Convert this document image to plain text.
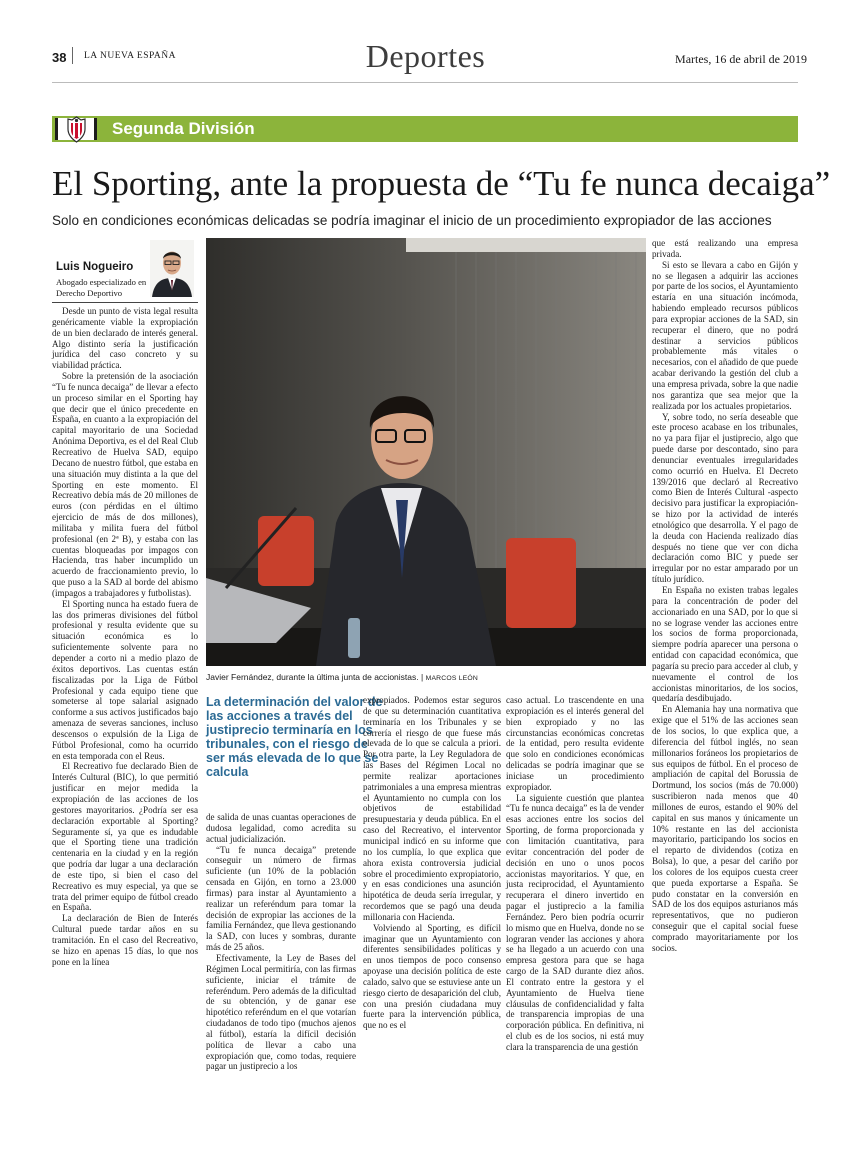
38 LA NUEVA ESPAÑA	Deportes	Martes, 16 de abril de 2019
Segunda División
El Sporting, ante la propuesta de “Tu fe nunca decaiga”
Solo en condiciones económicas delicadas se podría imaginar el inicio de un procedimiento expropiador de las acciones
Luis Nogueiro
Abogado especializado en Derecho Deportivo

Desde un punto de vista legal resulta genéricamente viable la expropiación de un bien declarado de interés general. Algo distinto sería la justificación jurídica del caso concreto y su viabilidad práctica.

Sobre la pretensión de la asociación “Tu fe nunca decaiga” de llevar a efecto un proceso similar en el Sporting hay que decir que el único precedente en España, en cuanto a la expropiación del capital mayoritario de una Sociedad Anónima Deportiva, es el del Real Club Recreativo de Huelva SAD, equipo Decano de nuestro fútbol, que estaba en una situación muy distinta a la que del Sporting en este momento. El Recreativo debía más de 20 millones de euros (con pérdidas en el último ejercicio de más de dos millones), militaba y milita fuera del fútbol profesional (en 2ª B), y estaba con las cuentas bloqueadas por impagos con Hacienda, tras haber incumplido un acuerdo de fraccionamiento previo, lo que puso a la SAD al borde del abismo (impagos a trabajadores y futbolistas).

El Sporting nunca ha estado fuera de las dos primeras divisiones del fútbol profesional y resulta evidente que su situación económica es lo suficientemente solvente para no depender a corto ni a medio plazo de éxitos deportivos. Las cuentas están fiscalizadas por la Liga de Fútbol Profesional y cada equipo tiene que someterse al tope salarial asignado conforme a sus activos justificados bajo amenaza de severas sanciones, incluso descensos o expulsión de la Liga de Fútbol Profesional, como ha ocurrido en esta temporada con el Reus.

El Recreativo fue declarado Bien de Interés Cultural (BIC), lo que permitió justificar en mejor medida la expropiación de las acciones de los gestores mayoritarios. ¿Podría ser esa declaración exportable al Sporting? Seguramente sí, ya que es indudable que el Sporting tiene una tradición centenaria en la ciudad y en la región que podría dar lugar a una declaración de este tipo, si bien el caso del Recreativo es muy especial, ya que se trata del primer equipo de fútbol creado en España.

La declaración de Bien de Interés Cultural puede tardar años en su tramitación. En el caso del Recreativo, se hizo en apenas 15 días, lo que nos pone en la línea

Javier Fernández, durante la última junta de accionistas. | MARCOS LEÓN
La determinación del valor de las acciones a través del justiprecio terminaría en los tribunales, con el riesgo de ser más elevada de lo que se calcula

de salida de unas cuantas operaciones de dudosa legalidad, como acredita su actual judicialización.

“Tu fe nunca decaiga” pretende conseguir un número de firmas suficiente (un 10% de la población censada en Gijón, en torno a 23.000 firmas) para instar al Ayuntamiento a realizar un referéndum para tomar la decisión de expropiar las acciones de la familia Fernández, que lleva gestionando la SAD, con luces y sombras, durante más de 25 años.

Efectivamente, la Ley de Bases del Régimen Local permitiría, con las firmas suficiente, iniciar el trámite de referéndum. Pero además de la dificultad de su obtención, y de ganar ese hipotético referéndum en el que votarían ciudadanos de todo tipo (muchos ajenos al fútbol), estaría la difícil decisión política de llevar a cabo una expropiación que, como todas, requiere pagar un justiprecio a los

expropiados. Podemos estar seguros de que su determinación cuantitativa terminaría en los Tribunales y se correría el riesgo de que fuese más elevada de lo que se calcula a priori. Por otra parte, la Ley Reguladora de las Bases del Régimen Local no permite realizar aportaciones patrimoniales a una empresa mientras el Ayuntamiento no cumpla con los objetivos de estabilidad presupuestaria y deuda pública. En el caso del Recreativo, el interventor municipal indicó en su informe que no los cumplía, lo que explica que ahora exista controversia judicial sobre el procedimiento expropiatorio, y en esas condiciones una asunción hipotética de deuda sería irregular, y recordemos que se pagó una deuda millonaria con Hacienda.

Volviendo al Sporting, es difícil imaginar que un Ayuntamiento con diferentes sensibilidades políticas y en unos tiempos de poco consenso apoyase una decisión política de este calado, salvo que se estuviese ante un riesgo cierto de desaparición del club, con una presión ciudadana muy fuerte para la intervención pública, que no es el

caso actual. Lo trascendente en una expropiación es el interés general del bien expropiado y no las circunstancias económicas concretas de la entidad, pero resulta evidente que solo en condiciones económicas delicadas se podría imaginar que se iniciase un procedimiento expropiador.

La siguiente cuestión que plantea “Tu fe nunca decaiga” es la de vender esas acciones entre los socios del Sporting, de forma proporcionada y con limitación cuantitativa, para evitar concentración del poder de decisión en uno o unos pocos accionistas mayoritarios. Y que, en justa reciprocidad, el Ayuntamiento recuperara el dinero invertido en pagar el justiprecio a la familia Fernández. Pero bien podría ocurrir lo mismo que en Huelva, donde no se lograran vender las acciones y ahora se ha llegado a un acuerdo con una empresa gestora para que se haga cargo de la SAD durante diez años. El contrato entre la gestora y el Ayuntamiento de Huelva tiene cláusulas de confidencialidad y falta de transparencia impropias de una corporación pública. En definitiva, ni el club es de los socios, ni está muy clara la transparencia de una gestión

que está realizando una empresa privada.

Si esto se llevara a cabo en Gijón y no se llegasen a adquirir las acciones por parte de los socios, el Ayuntamiento estaría en una situación incómoda, habiendo empleado recursos públicos para expropiar acciones de la SAD, sin recuperar el dinero, que no podrá destinar a servicios públicos probablemente más vitales o necesarios, con el añadido de que puede acabar derivando la gestión del club a una empresa privada, sobre la que nadie nos garantiza que sea mejor que la realizada por los actuales propietarios.

Y, sobre todo, no sería deseable que este proceso acabase en los tribunales, no ya para fijar el justiprecio, algo que puede darse por descontado, sino para denunciar eventuales irregularidades como ocurrió en Huelva. El Decreto 139/2016 que declaró al Recreativo como Bien de Interés Cultural -aspecto decisivo para justificar la expropiación- se hizo por la actividad de interés etnológico que desarrolla. Y el pago de la deuda con Hacienda realizado días después no tiene que ver con dicha declaración como BIC y puede ser irregular por no estar amparado por un título jurídico.

En España no existen trabas legales para la concentración de poder del accionariado en una SAD, por lo que si no se lograse vender las acciones entre los socios de forma proporcionada, siempre podría aparecer una persona o entidad con capacidad económica, que pagaría su precio para acceder al club, y nuevamente el control de los accionistas minoritarios, de los socios, quedaría desdibujado.

En Alemania hay una normativa que exige que el 51% de las acciones sean de los socios, lo que explica que, a diferencia del fútbol inglés, no sean millonarios foráneos los propietarios de sus equipos de fútbol. En el proceso de ampliación de capital del Borussia de Dortmund, los socios (más de 70.000) suscribieron nada menos que 40 millones de euros, estando el 90% del capital en sus manos y únicamente un 10% restante en las del accionista mayoritario, participando los socios en el reparto de dividendos (cotiza en Bolsa), lo que, a pesar del cariño por los colores de los equipos cuesta creer que pueda exportarse a España. Se pudo constatar en la conversión en SAD de los dos equipos asturianos más representativos, que no pudieron conseguir que el capital social fuese comprado mayoritariamente por los socios.
